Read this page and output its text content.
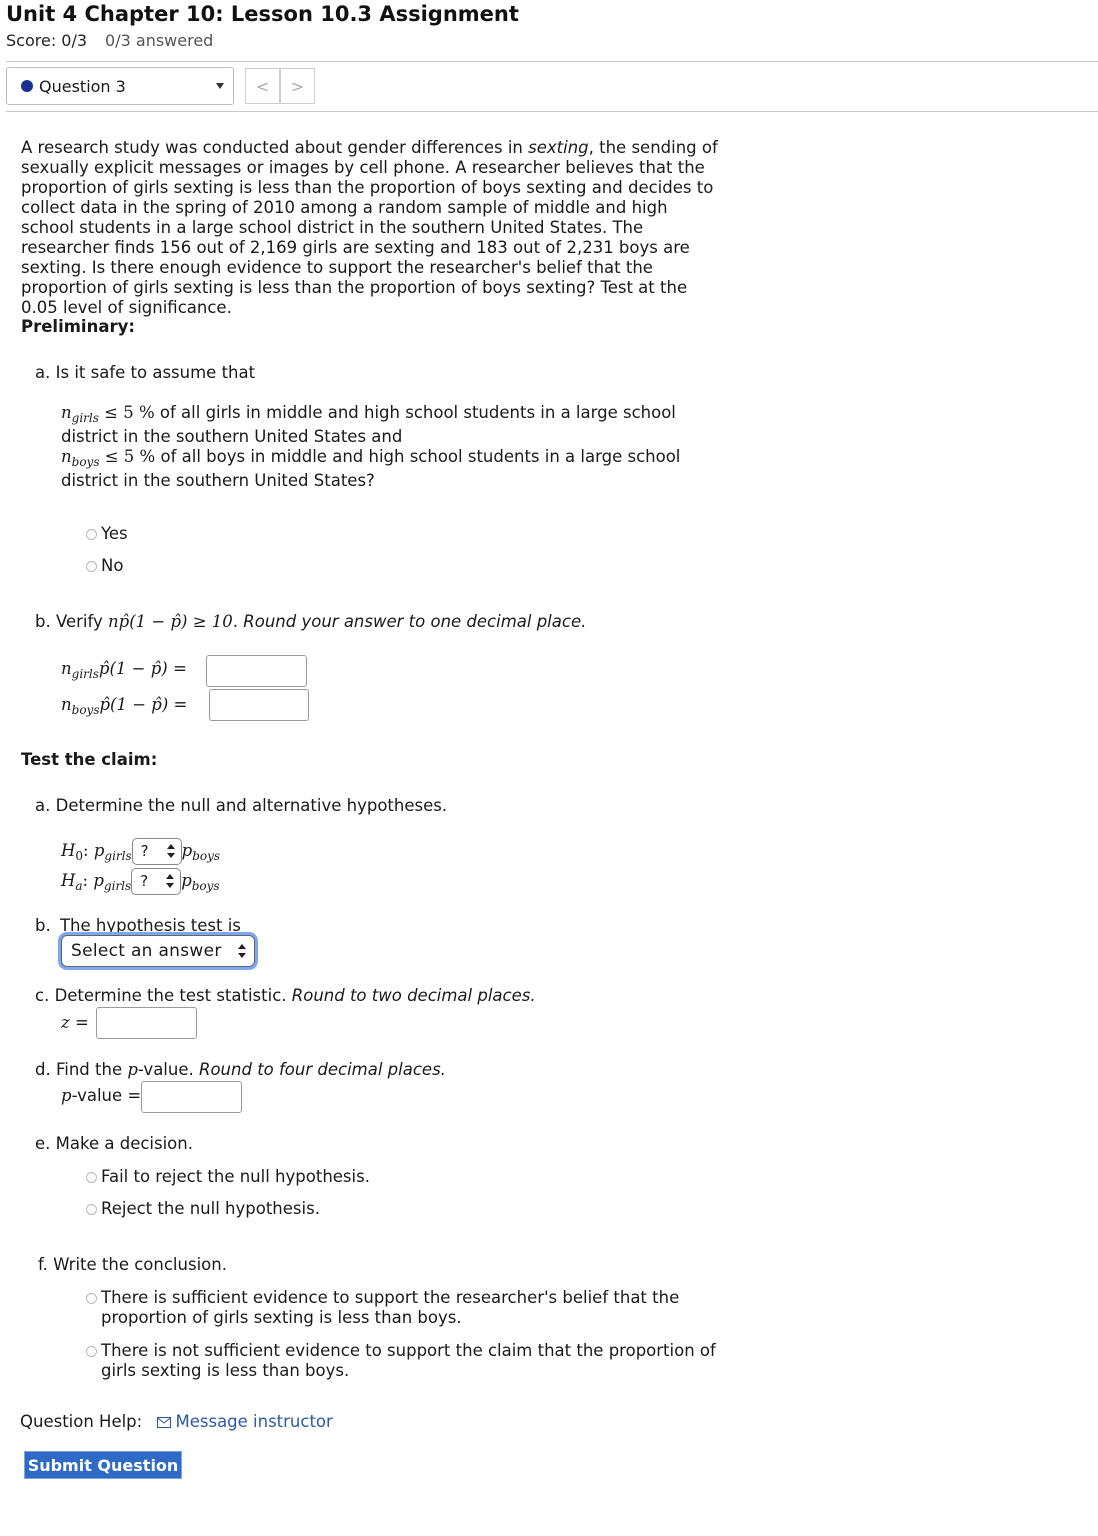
Unit 4 Chapter 10: Lesson 10.3 Assignment
Score: 0/3 0/3 answered
Question 3	<	>
A research study was conducted about gender differences in sexting, the sending of sexually explicit messages or images by cell phone. A researcher believes that the proportion of girls sexting is less than the proportion of boys sexting and decides to collect data in the spring of 2010 among a random sample of middle and high school students in a large school district in the southern United States. The researcher finds 156 out of 2,169 girls are sexting and 183 out of 2,231 boys are sexting. Is there enough evidence to support the researcher's belief that the proportion of girls sexting is less than the proportion of boys sexting? Test at the 0.05 level of significance.
Preliminary:
a. Is it safe to assume that
$n_{girls} \le 5$ % of all girls in middle and high school students in a large school
district in the southern United States and
$n_{boys} \le 5$ % of all boys in middle and high school students in a large school
district in the southern United States?
Yes
No
b. Verify np̂(1 − p̂) ≥ 10. Round your answer to one decimal place.
$n_{girls}p̂(1$ − p̂) =
$n_{boys}p̂(1$ − p̂) =
Test the claim:
a. Determine the null and alternative hypotheses.
$H_0$: $p_{girls}$ ? $p_{boys}$
$H_a$: $p_{girls}$ ? $p_{boys}$
b. The hypothesis test is
Select an answer
c. Determine the test statistic. Round to two decimal places.
z =
d. Find the p-value. Round to four decimal places.
p-value =
e. Make a decision.
Fail to reject the null hypothesis.
Reject the null hypothesis.
f. Write the conclusion.
There is sufficient evidence to support the researcher's belief that the
proportion of girls sexting is less than boys.
There is not sufficient evidence to support the claim that the proportion of
girls sexting is less than boys.
Question Help: Message instructor
Submit Question
